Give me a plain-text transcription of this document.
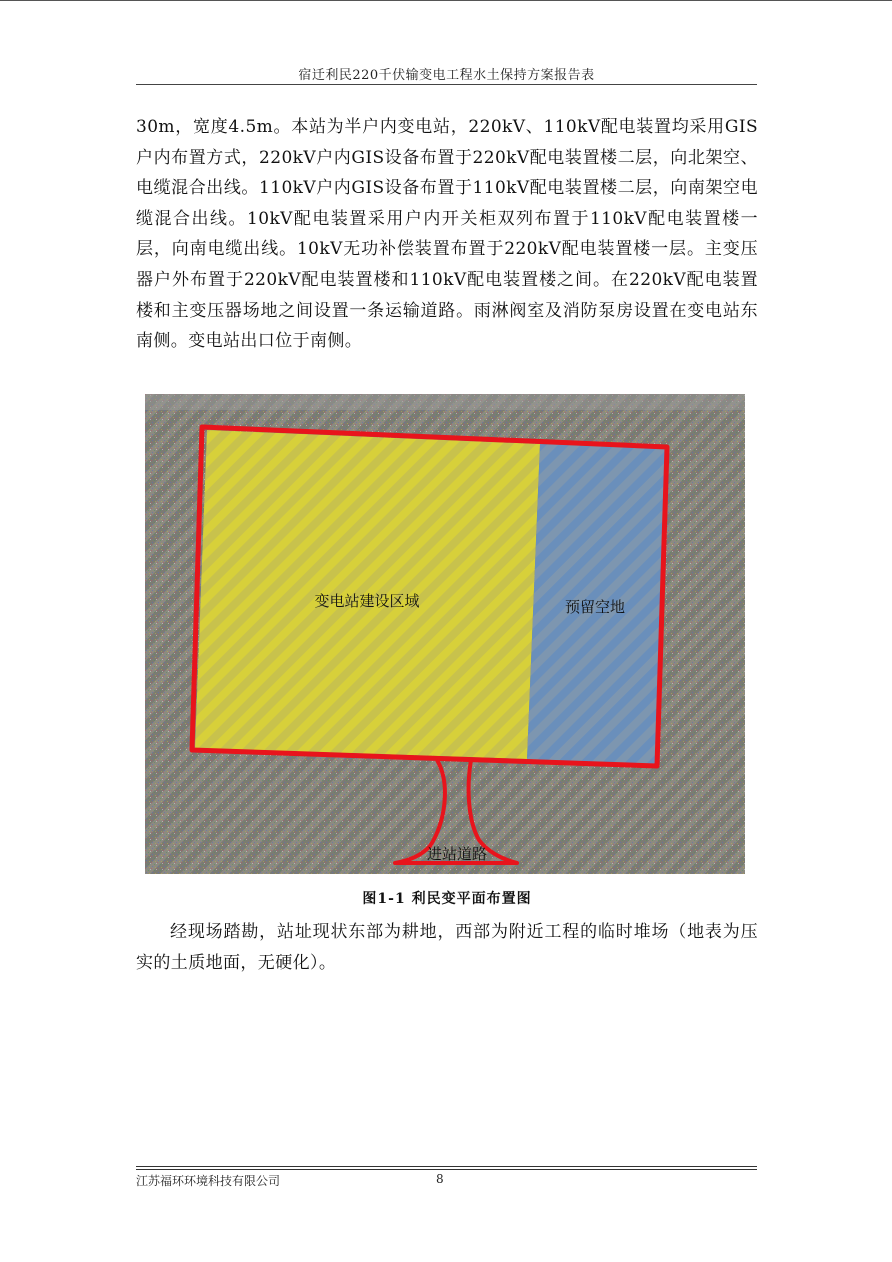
宿迁利民220千伏输变电工程水土保持方案报告表

30m，宽度4.5m。本站为半户内变电站，220kV、110kV配电装置均采用GIS户内布置方式，220kV户内GIS设备布置于220kV配电装置楼二层，向北架空、电缆混合出线。110kV户内GIS设备布置于110kV配电装置楼二层，向南架空电缆混合出线。10kV配电装置采用户内开关柜双列布置于110kV配电装置楼一层，向南电缆出线。10kV无功补偿装置布置于220kV配电装置楼一层。主变压器户外布置于220kV配电装置楼和110kV配电装置楼之间。在220kV配电装置楼和主变压器场地之间设置一条运输道路。雨淋阀室及消防泵房设置在变电站东南侧。变电站出口位于南侧。

变电站建设区域	预留空地
进站道路
图1-1 利民变平面布置图

经现场踏勘，站址现状东部为耕地，西部为附近工程的临时堆场（地表为压实的土质地面，无硬化）。

江苏福环环境科技有限公司	8
